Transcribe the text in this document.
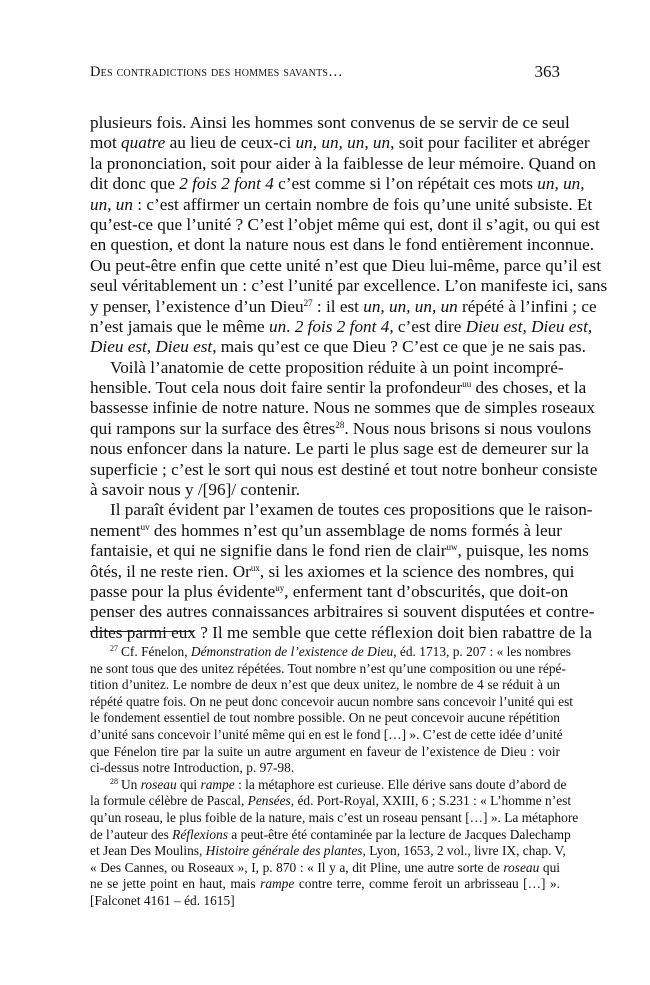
Des contradictions des hommes savants…	363
plusieurs fois. Ainsi les hommes sont convenus de se servir de ce seul
mot quatre au lieu de ceux-ci un, un, un, un, soit pour faciliter et abréger
la prononciation, soit pour aider à la faiblesse de leur mémoire. Quand on
dit donc que 2 fois 2 font 4 c’est comme si l’on répétait ces mots un, un,
un, un : c’est affirmer un certain nombre de fois qu’une unité subsiste. Et
qu’est-ce que l’unité ? C’est l’objet même qui est, dont il s’agit, ou qui est
en question, et dont la nature nous est dans le fond entièrement inconnue.
Ou peut-être enfin que cette unité n’est que Dieu lui-même, parce qu’il est
seul véritablement un : c’est l’unité par excellence. L’on manifeste ici, sans
y penser, l’existence d’un Dieu$^{27}$ : il est un, un, un, un répété à l’infini ; ce
n’est jamais que le même un. 2 fois 2 font 4, c’est dire Dieu est, Dieu est,
Dieu est, Dieu est, mais qu’est ce que Dieu ? C’est ce que je ne sais pas.
Voilà l’anatomie de cette proposition réduite à un point incompré-
hensible. Tout cela nous doit faire sentir la profondeur$^{uu}$ des choses, et la
bassesse infinie de notre nature. Nous ne sommes que de simples roseaux
qui rampons sur la surface des êtres$^{28}$. Nous nous brisons si nous voulons
nous enfoncer dans la nature. Le parti le plus sage est de demeurer sur la
superficie ; c’est le sort qui nous est destiné et tout notre bonheur consiste
à savoir nous y /[96]/ contenir.
Il paraît évident par l’examen de toutes ces propositions que le raison-
nement$^{uv}$ des hommes n’est qu’un assemblage de noms formés à leur
fantaisie, et qui ne signifie dans le fond rien de clair$^{uw}$, puisque, les noms
ôtés, il ne reste rien. $Or^{ux}$, si les axiomes et la science des nombres, qui
passe pour la plus évidente$^{uy}$, enferment tant d’obscurités, que doit-on
penser des autres connaissances arbitraires si souvent disputées et contre-
dites parmi eux ? Il me semble que cette réflexion doit bien rabattre de la
$^{27}$ Cf. Fénelon, Démonstration de l’existence de Dieu, éd. 1713, p. 207 : « les nombres
ne sont tous que des unitez répétées. Tout nombre n’est qu’une composition ou une répé-
tition d’unitez. Le nombre de deux n’est que deux unitez, le nombre de 4 se réduit à un
répété quatre fois. On ne peut donc concevoir aucun nombre sans concevoir l’unité qui est
le fondement essentiel de tout nombre possible. On ne peut concevoir aucune répétition
d’unité sans concevoir l’unité même qui en est le fond […] ». C’est de cette idée d’unité
que Fénelon tire par la suite un autre argument en faveur de l’existence de Dieu : voir
ci-dessus notre Introduction, p. 97-98.
$^{28}$ Un roseau qui rampe : la métaphore est curieuse. Elle dérive sans doute d’abord de
la formule célèbre de Pascal, Pensées, éd. Port-Royal, XXIII, 6 ; S.231 : « L’homme n’est
qu’un roseau, le plus foible de la nature, mais c’est un roseau pensant […] ». La métaphore
de l’auteur des Réflexions a peut-être été contaminée par la lecture de Jacques Dalechamp
et Jean Des Moulins, Histoire générale des plantes, Lyon, 1653, 2 vol., livre IX, chap. V,
« Des Cannes, ou Roseaux », I, p. 870 : « Il y a, dit Pline, une autre sorte de roseau qui
ne se jette point en haut, mais rampe contre terre, comme feroit un arbrisseau […] ».
[Falconet 4161 – éd. 1615]
